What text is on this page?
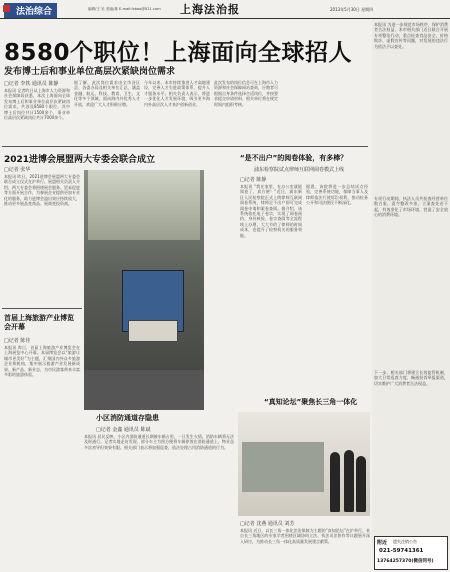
法治综合	编辑/王 吴 美编/林 E-mail:fzbao@021.com 上海法治报	2013年5月30日 星期四
8580个职位！上海面向全球招人
发布博士后和事业单位高层次紧缺岗位需求
□记者 李铁 通讯员 陈静
本报讯 记者昨日从上海市人力资源和社会保障局获悉，本次上海面向全球发布博士后和事业单位高层次紧缺岗位需求，共涉及8580个职位，其中博士后岗位共计1500余个，事业单位高层次紧缺岗位共计7000余个。
据了解，此次岗位需求由全市各区县、各委办局及相关单位汇总，涵盖金融、航运、科技、教育、卫生、文化等多个领域，面向海内外优秀人才开放，欢迎广大人才积极应聘。
今年以来，本市持续推进人才高地建设，完善人才引进政策体系，提升人才服务水平。相关负责人表示，将进一步优化人才发展环境，吸引更多海内外高层次人才来沪创新创业。
此次发布的岗位信息可在上海市人力资源和社会保障网站查询，应聘者可根据自身条件选择合适岗位，并按要求提交申请材料，相关单位将在规定时间内组织考核。
2021进博会展盟两大专委会联合成立
□记者 张华
本报讯 昨日，2021进博会展盟两大专委会联合成立仪式在沪举行。展盟相关负责人介绍，两大专委会将围绕展会服务、贸易促进等方面开展合作，为参展企业提供更加专业化的服务，助力进博会溢出效应持续放大，推动更多展品变商品、展商变投资商。
首届上海旅游产业博览会开幕
□记者 陈佳
本报讯 昨日，首届上海旅游产业博览会在上海展览中心开幕。本届博览会以“旅游让城市更美好”为主题，汇聚国内外众多旅游企业和机构，集中展示旅游产业发展新成果、新产品、新业态，为市民游客带来丰富多彩的旅游体验。
小区消防通道存隐患
□记者 金鑫 通讯员 陈斌
本报讯 居民反映，小区内消防通道长期被车辆占用，一旦发生火情，消防车辆将无法及时通行。记者实地走访发现，部分车主为图方便将车辆停放在消防通道上，物业虽多次劝导但效果有限。相关部门表示将加强巡查，依法处理占用消防通道的行为。
“是不出户”的阅卷体验，有多棒？
浦东检察院试点律师互联网阅卷模式上线
□记者 陈静
本报讯 “我在家里、在办公室就能阅卷了，真方便！”近日，浦东新区人民检察院正式上线律师互联网阅卷系统，律师足不出户即可完成阅卷申请和案卷查阅。据介绍，该系统依托电子卷宗，实现了阅卷预约、身份核验、卷宗查阅等全流程线上办理，大大节约了律师的时间成本，也提升了检察机关的服务效能。
据悉，该院将进一步总结试点经验，完善系统功能，保障当事人及律师依法行使诉讼权利，推动检务公开和司法便民不断深化。
“真知论坛”聚焦长三角一体化
□记者 沈燕 通讯员 刘芳
本报讯 近日，以长三角一体化法治保障为主题的“真知论坛”在沪举行。来自长三角地区的专家学者围绕区域协同立法、执法司法协作等议题展开深入研讨，为推动长三角一体化高质量发展建言献策。
本报讯 为进一步规范市场秩序，保护消费者合法权益，本市相关部门近日联合开展专项整治行动，重点检查食品安全、价格欺诈、虚假宣传等问题，对发现的违法行为依法予以查处。
专项行动期间，执法人员共检查经营单位数百家，责令整改多家，立案查处若干起，有效净化了市场环境，营造了安全放心的消费环境。
下一步，相关部门将建立长效监管机制，加大日常巡查力度，畅通投诉举报渠道，切实维护广大消费者合法权益。
附近 遗失注销公告
021-59741361
13764257370(微信同号)
